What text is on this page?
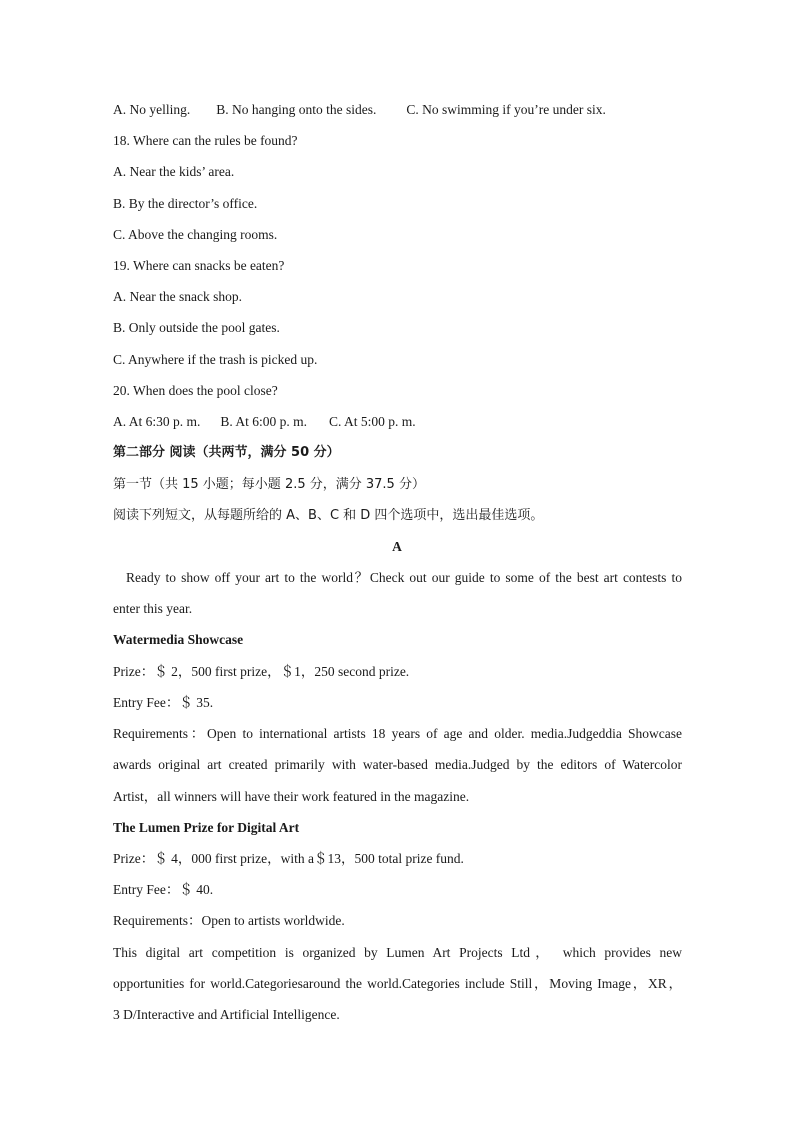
A. No yelling. B. No hanging onto the sides. C. No swimming if you’re under six.
18. Where can the rules be found?
A. Near the kids’ area.
B. By the director’s office.
C. Above the changing rooms.
19. Where can snacks be eaten?
A. Near the snack shop.
B. Only outside the pool gates.
C. Anywhere if the trash is picked up.
20. When does the pool close?
A. At 6:30 p. m. B. At 6:00 p. m. C. At 5:00 p. m.
第二部分 阅读（共两节，满分 50 分）
第一节（共 15 小题；每小题 2.5 分，满分 37.5 分）
阅读下列短文，从每题所给的 A、B、C 和 D 四个选项中，选出最佳选项。
A
Ready to show off your art to the world？Check out our guide to some of the best art contests to
enter this year.
Watermedia Showcase
Prize：＄ 2，500 first prize，＄1，250 second prize.
Entry Fee：＄ 35.
Requirements：Open to international artists 18 years of age and older. media.Judgeddia Showcase
awards original art created primarily with water-based media.Judged by the editors of Watercolor
Artist，all winners will have their work featured in the magazine.
The Lumen Prize for Digital Art
Prize：＄ 4，000 first prize，with a＄13，500 total prize fund.
Entry Fee：＄ 40.
Requirements：Open to artists worldwide.
This digital art competition is organized by Lumen Art Projects Ltd， which provides new
opportunities for world.Categoriesaround the world.Categories include Still，Moving Image，XR，
3 D/Interactive and Artificial Intelligence.
